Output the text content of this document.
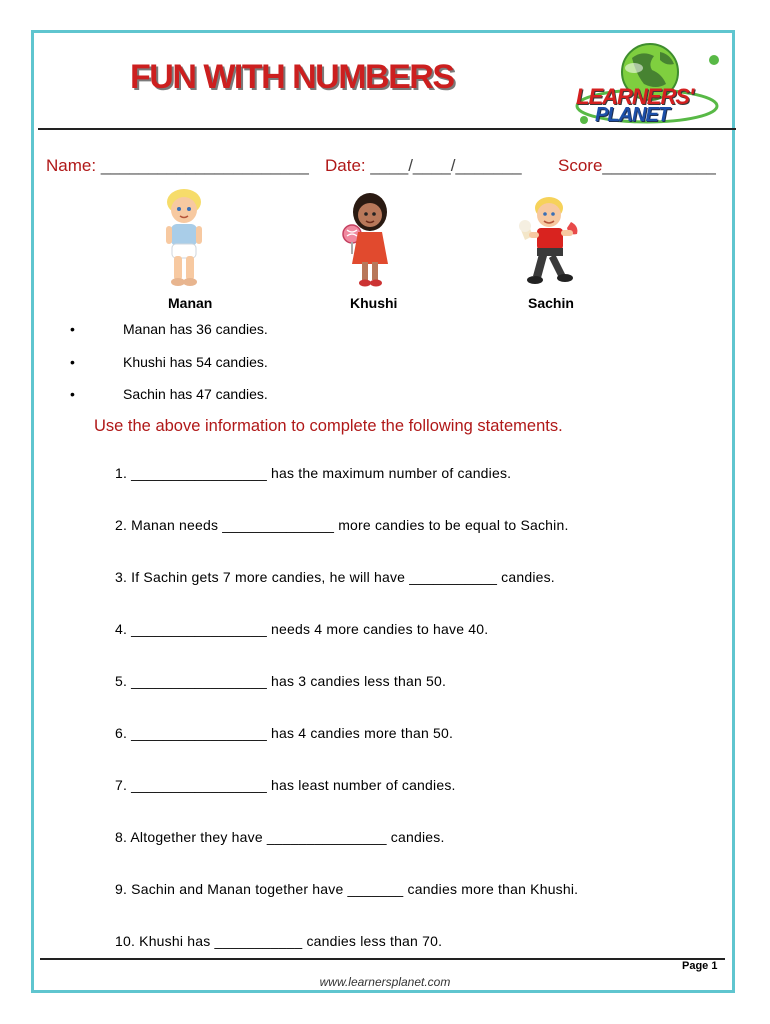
FUN WITH NUMBERS
LEARNERS'
PLANET
Name: ______________________ Date: ____/____/_______ Score____________
Manan	Khushi	Sachin
•	Manan has 36 candies.
•	Khushi has 54 candies.
•	Sachin has 47 candies.
Use the above information to complete the following statements.
1. _________________ has the maximum number of candies.
2. Manan needs ______________ more candies to be equal to Sachin.
3. If Sachin gets 7 more candies, he will have ___________ candies.
4. _________________ needs 4 more candies to have 40.
5. _________________ has 3 candies less than 50.
6. _________________ has 4 candies more than 50.
7. _________________ has least number of candies.
8. Altogether they have _______________ candies.
9. Sachin and Manan together have _______ candies more than Khushi.
10. Khushi has ___________ candies less than 70.
Page 1
www.learnersplanet.com
